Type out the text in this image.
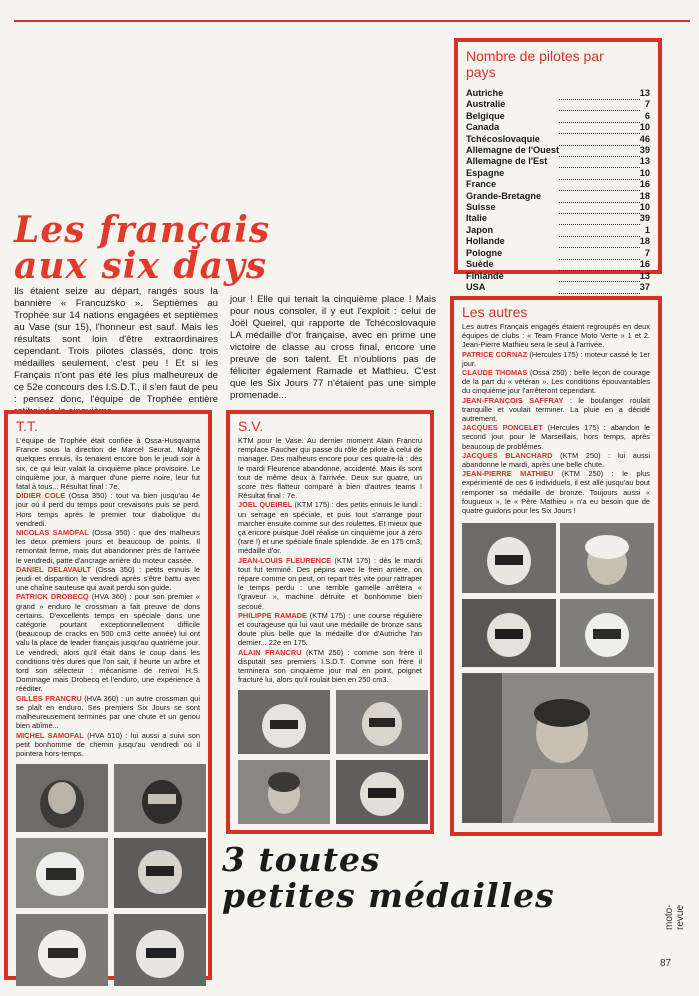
Nombre de pilotes par pays
Autriche		13
Australie		7
Belgique		6
Canada		10
Tchécoslovaquie		46
Allemagne de l'Ouest		39
Allemagne de l'Est		13
Espagne		10
France		16
Grande-Bretagne		18
Suisse		10
Italie		39
Japon		1
Hollande		18
Pologne		7
Suède		16
Finlande		13
USA		37
Les français
aux six days

Ils étaient seize au départ, rangés sous la bannière « Francuzsko ». Septièmes au Trophée sur 14 nations engagées et septièmes au Vase (sur 15), l'honneur est sauf. Mais les résultats sont loin d'être extraordinaires cependant. Trois pilotes classés, donc trois médailles seulement, c'est peu ! Et si les Français n'ont pas été les plus malheureux de ce 52e concours des I.S.D.T., il s'en faut de peu : pensez donc, l'équipe de Trophée entière

jour ! Elle qui tenait la cinquième place ! Mais pour nous consoler, il y eut l'exploit : celui de Joël Queirel, qui rapporte de Tchécoslovaquie LA médaille d'or française, avec en prime une victoire de classe au cross final, encore une preuve de son talent. Et n'oublions pas de féliciter également Ramade et Mathieu. C'est que les Six Jours 77 n'étaient pas une simple promenade...

T.T.

L'équipe de Trophée était confiée à Ossa-Husqvarna France sous la direction de Marcel Seurat. Malgré quelques ennuis, ils tenaient encore bon le jeudi soir à six, ce qui leur valait la cinquième place provisoire. Le cinquième jour, à marquer d'une pierre noire, leur fut fatal à tous... Résultat final : 7e.

DIDIER COLE (Ossa 350) : tout va bien jusqu'au 4e jour où il perd du temps pour crevaisons puis se perd. Hors temps après le premier tour diabolique du vendredi.

NICOLAS SAMOFAL (Ossa 350) : que des malheurs les deux premiers jours et beaucoup de points. Il remontait ferme, mais dut abandonner près de l'arrivée le vendredi, patte d'ancrage arrière du moteur cassée.

DANIEL DELAVAULT (Ossa 350) : petits ennuis le jeudi et disparition le vendredi après s'être battu avec une chaîne sauteuse qui avait perdu son guide.

PATRICK DROBECQ (HVA 360) : pour son premier « grand » enduro le crossman a fait preuve de dons certains. D'excellents temps en spéciale dans une catégorie pourtant exceptionnellement difficile (beaucoup de cracks en 500 cm3 cette année) lui ont valu la place de leader français jusqu'au quatrième jour. Le vendredi, alors qu'il était dans le coup dans les conditions très dures que l'on sait, il heurte un arbre et tord son sélecteur : mécanisme de renvoi H.S. Dommage mais Drobecq et l'enduro, une expérience à rééditer.

GILLES FRANCRU (HVA 360) : un autre crossman qui se plaît en enduro. Ses premiers Six Jours se sont malheureusement terminés par une chute et un genou bien abîmé...

MICHEL SAMOFAL (HVA 510) : lui aussi a suivi son petit bonhomme de chemin jusqu'au vendredi où il pointera hors-temps.

S.V.

KTM pour le Vase. Au dernier moment Alain Francru remplace Faucher qui passe du rôle de pilote à celui de manager. Des malheurs encore pour ces quatre-là : dès le mardi Fleurence abandonne, accidenté. Mais ils sont tout de même deux à l'arrivée. Deux sur quatre, un score très flatteur comparé à bien d'autres teams ! Résultat final : 7e.

JOEL QUEIREL (KTM 175) : des petits ennuis le lundi : un serrage en spéciale, et puis tout s'arrange pour marcher ensuite comme sur des roulettes. Et mieux que ça encore puisque Joël réalise un cinquième jour à zéro (rare !) et une spéciale finale splendide. 3e en 175 cm3, médaille d'or.

JEAN-LOUIS FLEURENCE (KTM 175) : dès le mardi tout fut terminé. Des pépins avec le frein arrière, on répare comme on peut, on repart très vite pour rattraper le temps perdu : une terrible gamelle arrêtera « l'graveur », machine détruite et bonhomme bien secoué.

PHILIPPE RAMADE (KTM 175) : une course régulière et courageuse qui lui vaut une médaille de bronze sans doute plus belle que la médaille d'or d'Autriche l'an dernier... 22e en 175.

ALAIN FRANCRU (KTM 250) : comme son frère il disputait ses premiers I.S.D.T. Comme son frère il terminera son cinquième jour mal en point, poignet fracturé lui, alors qu'il roulait bien en 250 cm3.

Les autres

Les autres Français engagés étaient regroupés en deux équipes de clubs : « Team France Moto Verte » 1 et 2. Jean-Pierre Mathieu sera le seul à l'arrivée.

PATRICE CORNAZ (Hercules 175) : moteur cassé le 1er jour.

CLAUDE THOMAS (Ossa 250) : belle leçon de courage de la part du « vétéran ». Les conditions épouvantables du cinquième jour l'arrêteront cependant.

JEAN-FRANÇOIS SAFFRAY : le boulanger roulait tranquille et voulait terminer. La pluie en a décidé autrement.

JACQUES PONCELET (Hercules 175) : abandon le second jour pour le Marseillais, hors temps, après beaucoup de problèmes.

JACQUES BLANCHARD (KTM 250) : lui aussi abandonne le mardi, après une belle chute.

JEAN-PIERRE MATHIEU (KTM 250) : le plus expérimenté de ces 6 individuels, il est allé jusqu'au bout remporter sa médaille de bronze. Toujours aussi « fougueux », le « Père Mathieu » n'a eu besoin que de quatre guidons pour les Six Jours !

3 toutes
petites médailles
moto-revue
87
